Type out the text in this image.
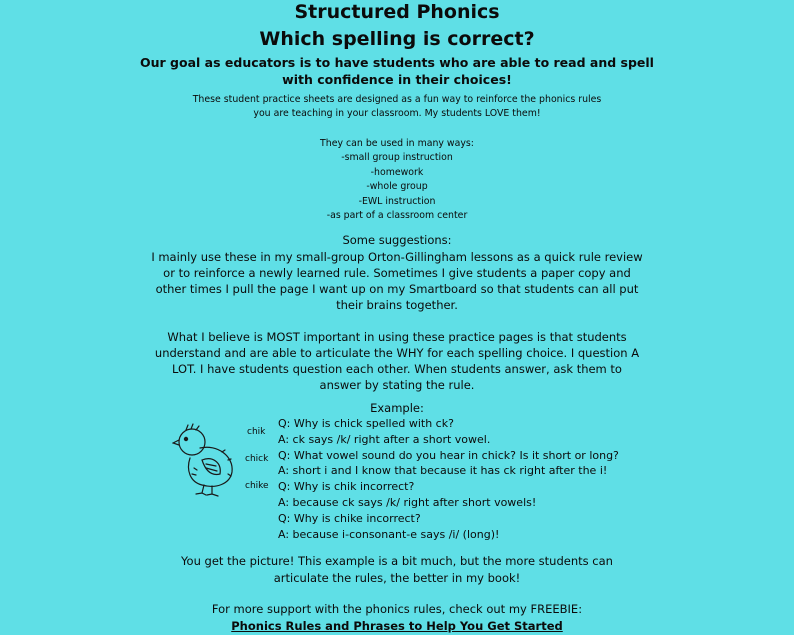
Structured Phonics
Which spelling is correct?
Our goal as educators is to have students who are able to read and spell
with confidence in their choices!
These student practice sheets are designed as a fun way to reinforce the phonics rules
you are teaching in your classroom. My students LOVE them!
They can be used in many ways:
-small group instruction
-homework
-whole group
-EWL instruction
-as part of a classroom center
Some suggestions:
I mainly use these in my small-group Orton-Gillingham lessons as a quick rule review
or to reinforce a newly learned rule. Sometimes I give students a paper copy and
other times I pull the page I want up on my Smartboard so that students can all put
their brains together.
What I believe is MOST important in using these practice pages is that students
understand and are able to articulate the WHY for each spelling choice. I question A
LOT. I have students question each other. When students answer, ask them to
answer by stating the rule.
Example:
chik
chick
chike
Q: Why is chick spelled with ck?
A: ck says /k/ right after a short vowel.
Q: What vowel sound do you hear in chick? Is it short or long?
A: short i and I know that because it has ck right after the i!
Q: Why is chik incorrect?
A: because ck says /k/ right after short vowels!
Q: Why is chike incorrect?
A: because i-consonant-e says /i/ (long)!
You get the picture! This example is a bit much, but the more students can
articulate the rules, the better in my book!
For more support with the phonics rules, check out my FREEBIE:
Phonics Rules and Phrases to Help You Get Started
